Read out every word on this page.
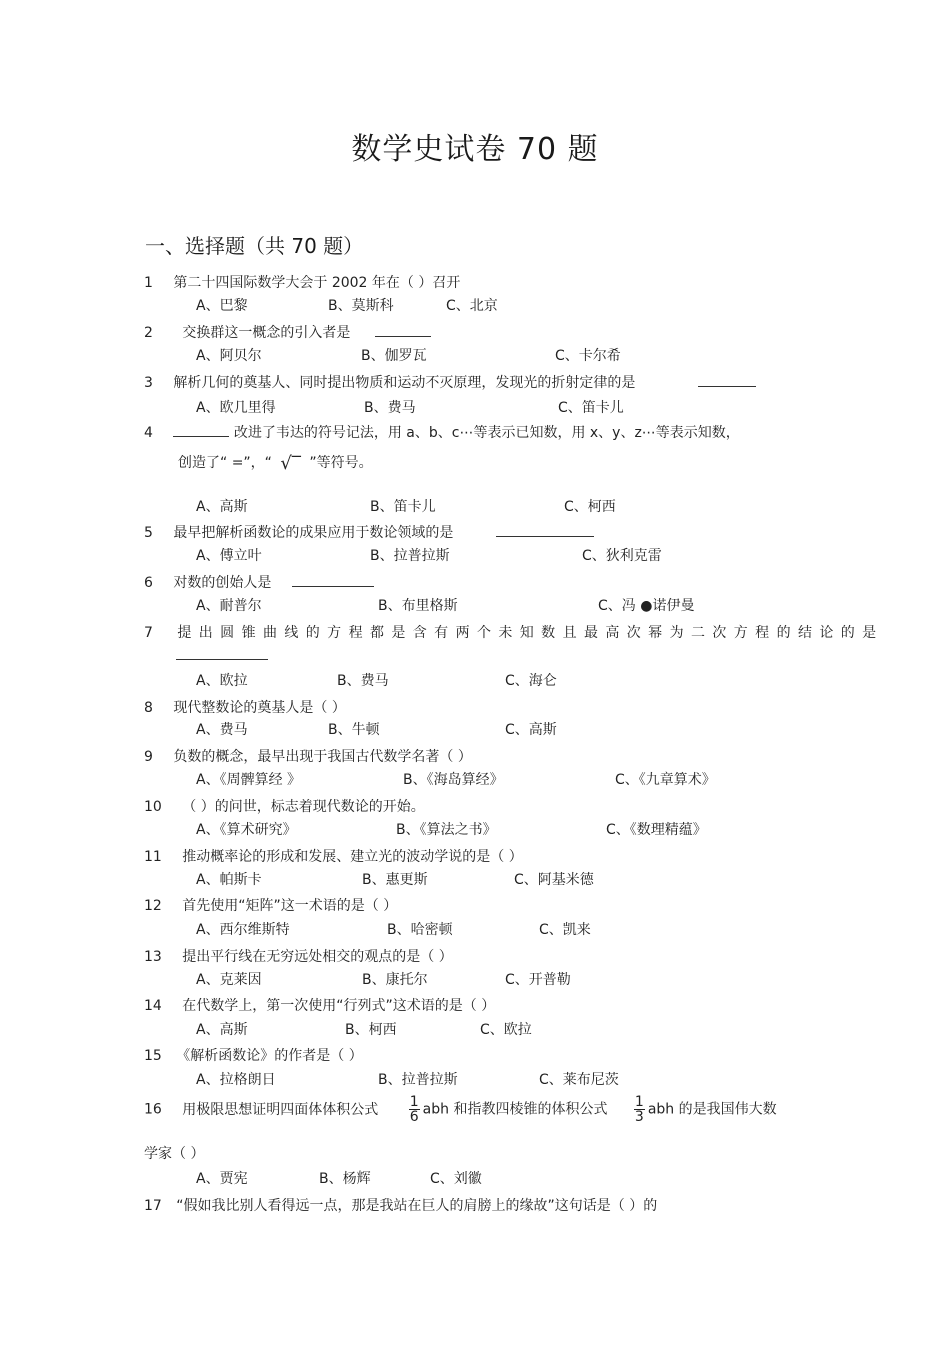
数学史试卷 70 题
一、选择题（共 70 题）
1 第二十四国际数学大会于 2002 年在（ ）召开
A、巴黎	B、莫斯科	C、北京
2 交换群这一概念的引入者是
A、阿贝尔	B、伽罗瓦	C、卡尔希
3 解析几何的奠基人、同时提出物质和运动不灭原理，发现光的折射定律的是
A、欧几里得	B、费马	C、笛卡儿
4	改进了韦达的符号记法，用 a、b、c⋯等表示已知数，用 x、y、z⋯等表示知数，
创造了“ =”，“ √‾ ”等符号。
A、高斯	B、笛卡儿	C、柯西
5 最早把解析函数论的成果应用于数论领域的是
A、傅立叶	B、拉普拉斯	C、狄利克雷
6 对数的创始人是
A、耐普尔	B、布里格斯	C、冯 ●诺伊曼
7 提出圆锥曲线的方程都是含有两个未知数且最高次幂为二次方程的结论的是
A、欧拉	B、费马	C、海仑
8 现代整数论的奠基人是（ ）
A、费马	B、牛顿	C、高斯
9 负数的概念，最早出现于我国古代数学名著（ ）
A、《周髀算经 》	B、《海岛算经》	C、《九章算术》
10 （ ）的问世，标志着现代数论的开始。
A、《算术研究》	B、《算法之书》	C、《数理精蕴》
11 推动概率论的形成和发展、建立光的波动学说的是（ ）
A、帕斯卡	B、惠更斯	C、阿基米德
12 首先使用“矩阵”这一术语的是（ ）
A、西尔维斯特	B、哈密顿	C、凯来
13 提出平行线在无穷远处相交的观点的是（ ）
A、克莱因	B、康托尔	C、开普勒
14 在代数学上，第一次使用“行列式”这术语的是（ ）
A、高斯	B、柯西	C、欧拉
15 《解析函数论》的作者是（ ）
A、拉格朗日	B、拉普拉斯	C、莱布尼茨
16 用极限思想证明四面体体积公式 $\frac{1}{6}$ abh 和指教四棱锥的体积公式 $\frac{1}{3}$ abh 的是我国伟大数
学家（ ）
A、贾宪	B、杨辉	C、刘徽
17 “假如我比别人看得远一点，那是我站在巨人的肩膀上的缘故”这句话是（ ）的
